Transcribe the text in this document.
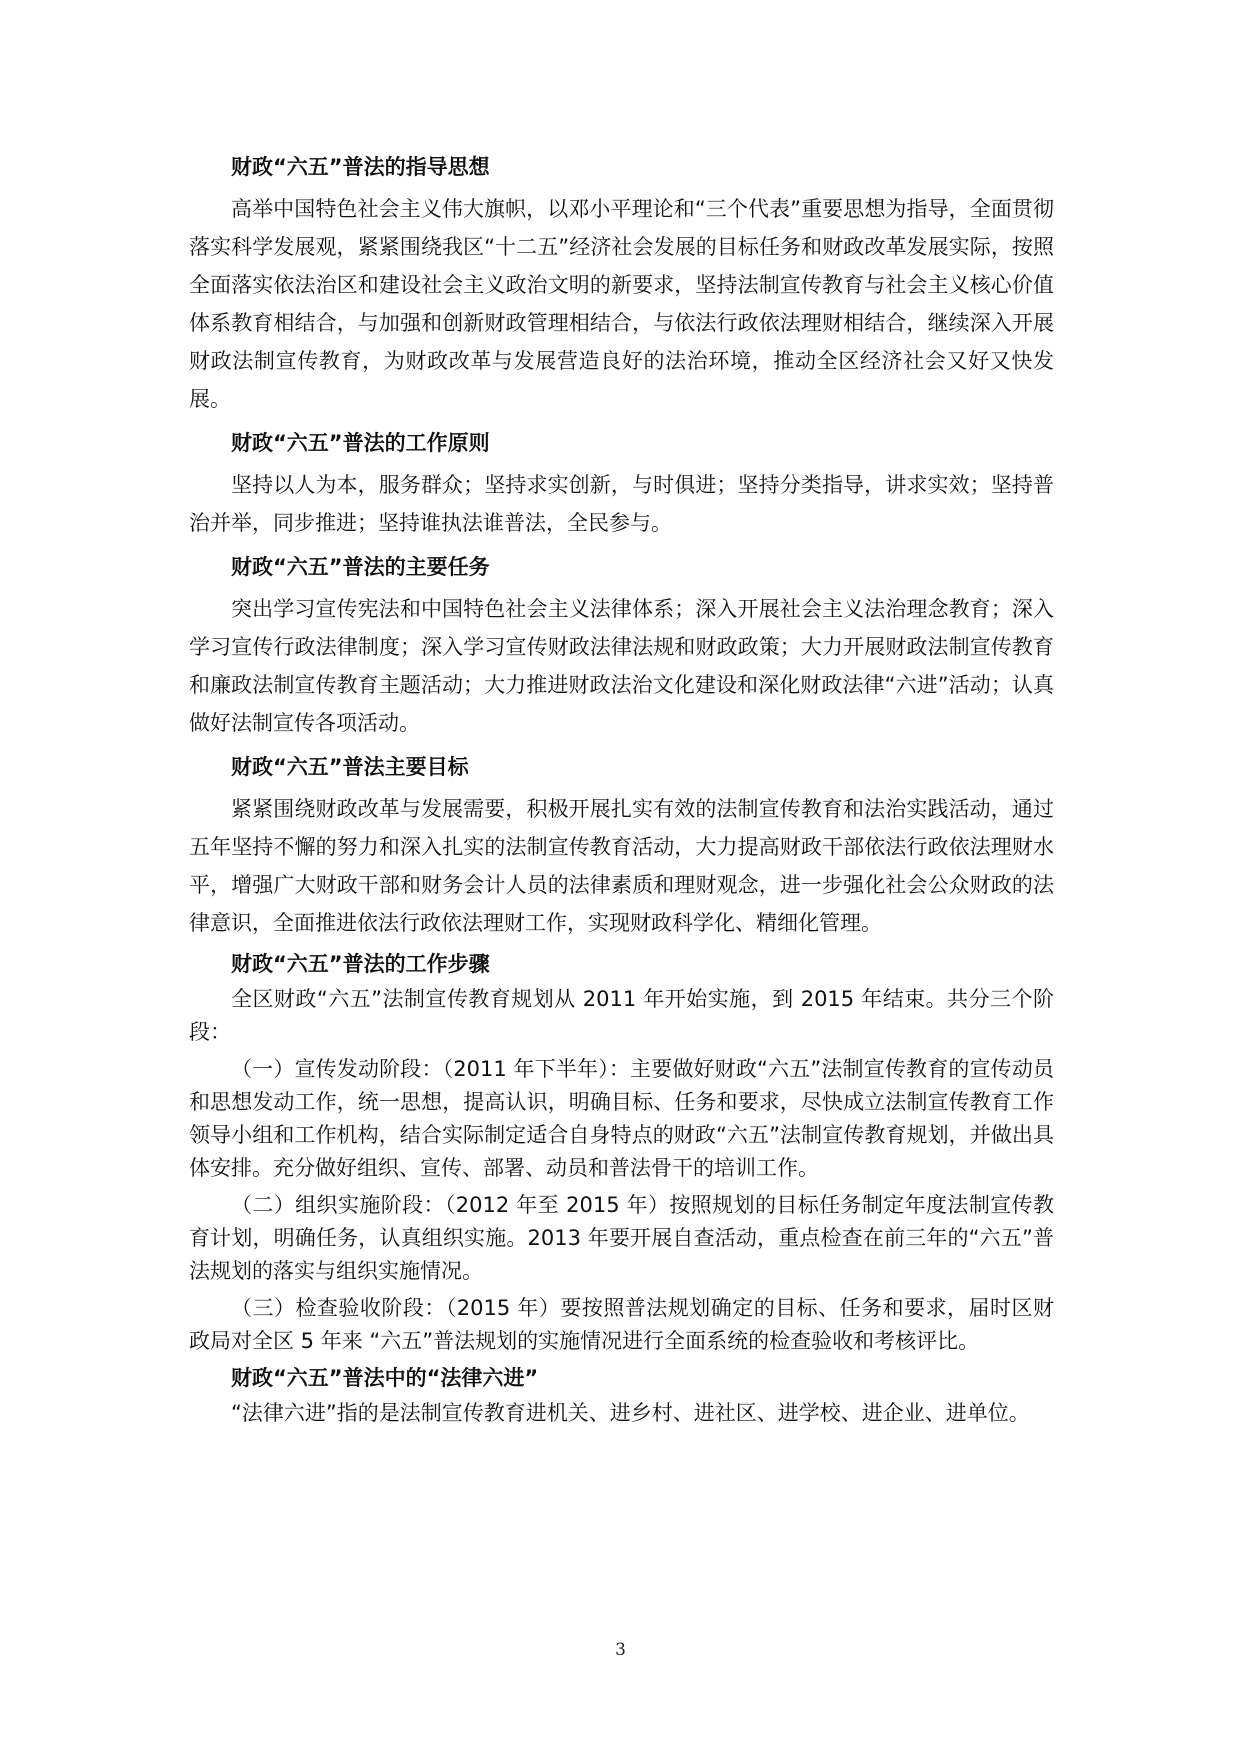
财政“六五”普法的指导思想

高举中国特色社会主义伟大旗帜，以邓小平理论和“三个代表”重要思想为指导，全面贯彻落实科学发展观，紧紧围绕我区“十二五”经济社会发展的目标任务和财政改革发展实际，按照全面落实依法治区和建设社会主义政治文明的新要求，坚持法制宣传教育与社会主义核心价值体系教育相结合，与加强和创新财政管理相结合，与依法行政依法理财相结合，继续深入开展财政法制宣传教育，为财政改革与发展营造良好的法治环境，推动全区经济社会又好又快发展。

财政“六五”普法的工作原则

坚持以人为本，服务群众；坚持求实创新，与时俱进；坚持分类指导，讲求实效；坚持普治并举，同步推进；坚持谁执法谁普法，全民参与。

财政“六五”普法的主要任务

突出学习宣传宪法和中国特色社会主义法律体系；深入开展社会主义法治理念教育；深入学习宣传行政法律制度；深入学习宣传财政法律法规和财政政策；大力开展财政法制宣传教育和廉政法制宣传教育主题活动；大力推进财政法治文化建设和深化财政法律“六进”活动；认真做好法制宣传各项活动。

财政“六五”普法主要目标

紧紧围绕财政改革与发展需要，积极开展扎实有效的法制宣传教育和法治实践活动，通过五年坚持不懈的努力和深入扎实的法制宣传教育活动，大力提高财政干部依法行政依法理财水平，增强广大财政干部和财务会计人员的法律素质和理财观念，进一步强化社会公众财政的法律意识，全面推进依法行政依法理财工作，实现财政科学化、精细化管理。

财政“六五”普法的工作步骤

全区财政“六五”法制宣传教育规划从 2011 年开始实施，到 2015 年结束。共分三个阶段：

（一）宣传发动阶段：（2011 年下半年）：主要做好财政“六五”法制宣传教育的宣传动员和思想发动工作，统一思想，提高认识，明确目标、任务和要求，尽快成立法制宣传教育工作领导小组和工作机构，结合实际制定适合自身特点的财政“六五”法制宣传教育规划，并做出具体安排。充分做好组织、宣传、部署、动员和普法骨干的培训工作。

（二）组织实施阶段：（2012 年至 2015 年）按照规划的目标任务制定年度法制宣传教育计划，明确任务，认真组织实施。2013 年要开展自查活动，重点检查在前三年的“六五”普法规划的落实与组织实施情况。

（三）检查验收阶段：（2015 年）要按照普法规划确定的目标、任务和要求，届时区财政局对全区 5 年来 “六五”普法规划的实施情况进行全面系统的检查验收和考核评比。

财政“六五”普法中的“法律六进”

“法律六进”指的是法制宣传教育进机关、进乡村、进社区、进学校、进企业、进单位。

3
